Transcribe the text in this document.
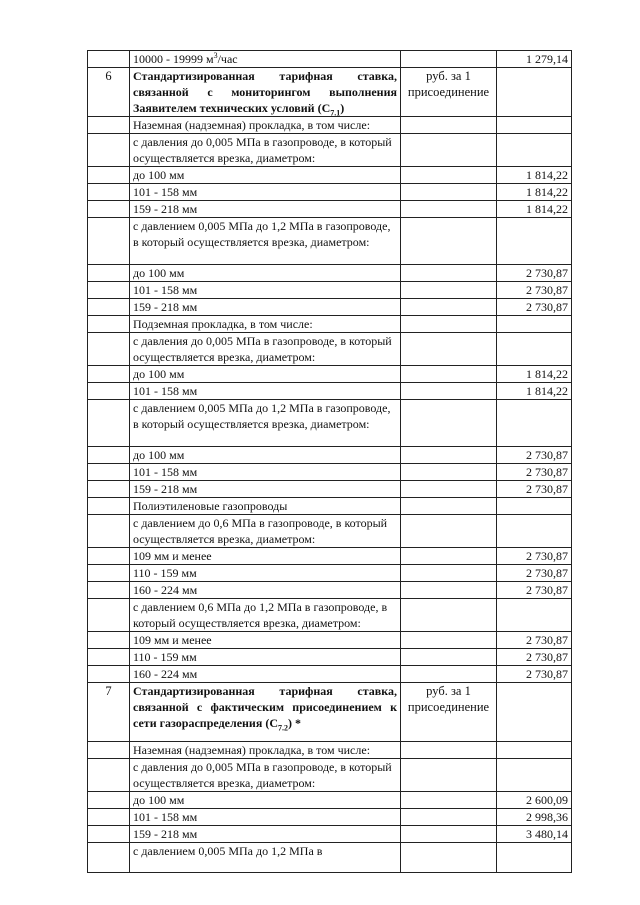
	10000 - 19999 $м^3$/час		1 279,14
6	Стандартизированная тарифная ставка, связанной с мониторингом выполнения Заявителем технических условий $(С_{7.1})$	руб. за 1 присоединение	
	Наземная (надземная) прокладка, в том числе:		
	с давления до 0,005 МПа в газопроводе, в который осуществляется врезка, диаметром:		
	до 100 мм		1 814,22
	101 - 158 мм		1 814,22
	159 - 218 мм		1 814,22
	с давлением 0,005 МПа до 1,2 МПа в газопроводе, в который осуществляется врезка, диаметром:		
	до 100 мм		2 730,87
	101 - 158 мм		2 730,87
	159 - 218 мм		2 730,87
	Подземная прокладка, в том числе:		
	с давления до 0,005 МПа в газопроводе, в который осуществляется врезка, диаметром:		
	до 100 мм		1 814,22
	101 - 158 мм		1 814,22
	с давлением 0,005 МПа до 1,2 МПа в газопроводе, в который осуществляется врезка, диаметром:		
	до 100 мм		2 730,87
	101 - 158 мм		2 730,87
	159 - 218 мм		2 730,87
	Полиэтиленовые газопроводы		
	с давлением до 0,6 МПа в газопроводе, в который осуществляется врезка, диаметром:		
	109 мм и менее		2 730,87
	110 - 159 мм		2 730,87
	160 - 224 мм		2 730,87
	с давлением 0,6 МПа до 1,2 МПа в газопроводе, в который осуществляется врезка, диаметром:		
	109 мм и менее		2 730,87
	110 - 159 мм		2 730,87
	160 - 224 мм		2 730,87
7	Стандартизированная тарифная ставка, связанной с фактическим присоединением к сети газораспределения $(С_{7.2})$ *	руб. за 1 присоединение	
	Наземная (надземная) прокладка, в том числе:		
	с давления до 0,005 МПа в газопроводе, в который осуществляется врезка, диаметром:		
	до 100 мм		2 600,09
	101 - 158 мм		2 998,36
	159 - 218 мм		3 480,14
	с давлением 0,005 МПа до 1,2 МПа в		
